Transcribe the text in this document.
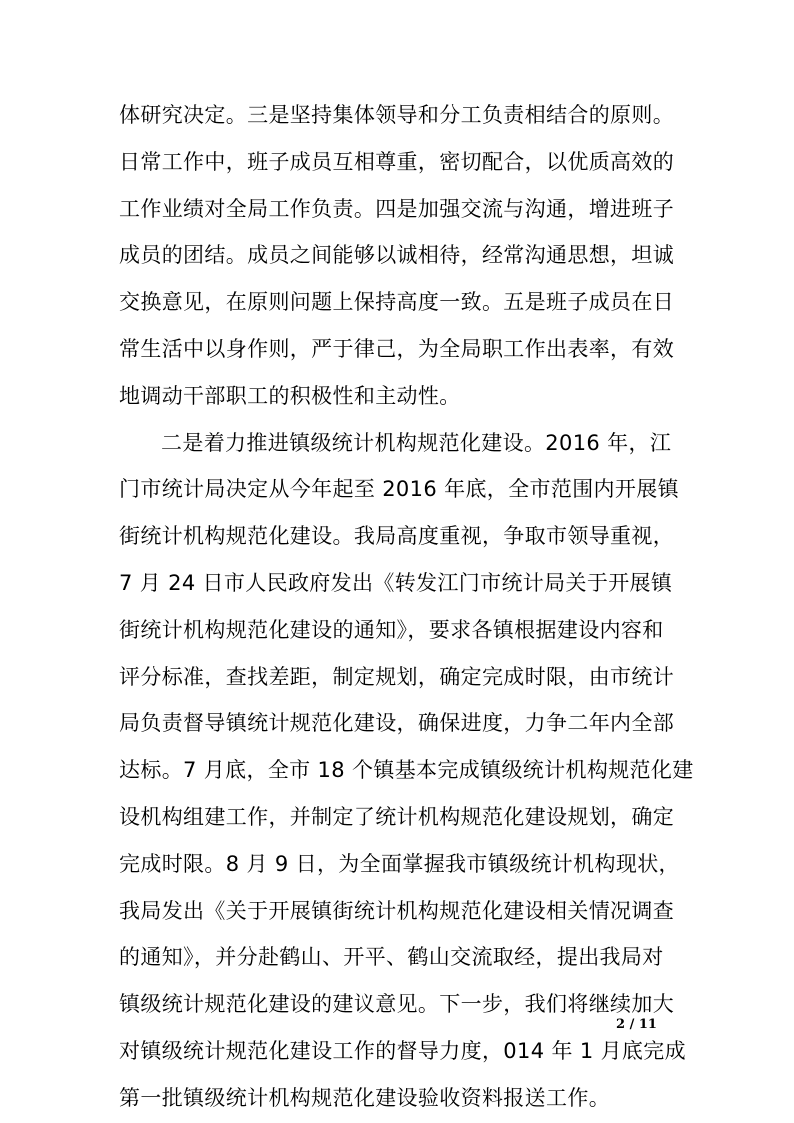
体研究决定。三是坚持集体领导和分工负责相结合的原则。
日常工作中，班子成员互相尊重，密切配合，以优质高效的
工作业绩对全局工作负责。四是加强交流与沟通，增进班子
成员的团结。成员之间能够以诚相待，经常沟通思想，坦诚
交换意见，在原则问题上保持高度一致。五是班子成员在日
常生活中以身作则，严于律己，为全局职工作出表率，有效
地调动干部职工的积极性和主动性。
二是着力推进镇级统计机构规范化建设。2016 年，江
门市统计局决定从今年起至 2016 年底，全市范围内开展镇
街统计机构规范化建设。我局高度重视，争取市领导重视，
7 月 24 日市人民政府发出《转发江门市统计局关于开展镇
街统计机构规范化建设的通知》，要求各镇根据建设内容和
评分标准，查找差距，制定规划，确定完成时限，由市统计
局负责督导镇统计规范化建设，确保进度，力争二年内全部
达标。7 月底，全市 18 个镇基本完成镇级统计机构规范化建
设机构组建工作，并制定了统计机构规范化建设规划，确定
完成时限。8 月 9 日，为全面掌握我市镇级统计机构现状，
我局发出《关于开展镇街统计机构规范化建设相关情况调查
的通知》，并分赴鹤山、开平、鹤山交流取经，提出我局对
镇级统计规范化建设的建议意见。下一步，我们将继续加大
对镇级统计规范化建设工作的督导力度，014 年 1 月底完成
第一批镇级统计机构规范化建设验收资料报送工作。
2 / 11
